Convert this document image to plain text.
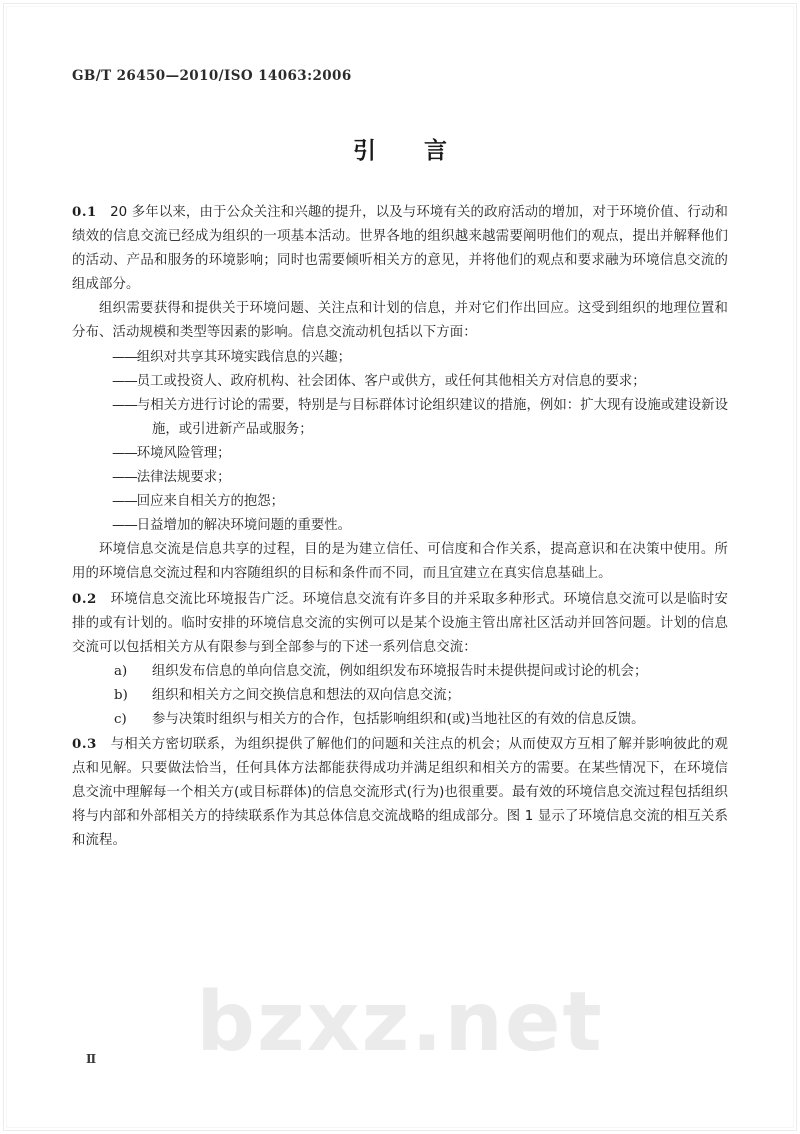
GB/T 26450—2010/ISO 14063:2006
引 言

0.1 20 多年以来，由于公众关注和兴趣的提升，以及与环境有关的政府活动的增加，对于环境价值、行动和绩效的信息交流已经成为组织的一项基本活动。世界各地的组织越来越需要阐明他们的观点，提出并解释他们的活动、产品和服务的环境影响；同时也需要倾听相关方的意见，并将他们的观点和要求融为环境信息交流的组成部分。

组织需要获得和提供关于环境问题、关注点和计划的信息，并对它们作出回应。这受到组织的地理位置和分布、活动规模和类型等因素的影响。信息交流动机包括以下方面：

——组织对共享其环境实践信息的兴趣；
——员工或投资人、政府机构、社会团体、客户或供方，或任何其他相关方对信息的要求；
——与相关方进行讨论的需要，特别是与目标群体讨论组织建议的措施，例如：扩大现有设施或建设新设施，或引进新产品或服务；
——环境风险管理；
——法律法规要求；
——回应来自相关方的抱怨；
——日益增加的解决环境问题的重要性。

环境信息交流是信息共享的过程，目的是为建立信任、可信度和合作关系，提高意识和在决策中使用。所用的环境信息交流过程和内容随组织的目标和条件而不同，而且宜建立在真实信息基础上。

0.2 环境信息交流比环境报告广泛。环境信息交流有许多目的并采取多种形式。环境信息交流可以是临时安排的或有计划的。临时安排的环境信息交流的实例可以是某个设施主管出席社区活动并回答问题。计划的信息交流可以包括相关方从有限参与到全部参与的下述一系列信息交流：

a) 组织发布信息的单向信息交流，例如组织发布环境报告时未提供提问或讨论的机会；
b) 组织和相关方之间交换信息和想法的双向信息交流；
c) 参与决策时组织与相关方的合作，包括影响组织和(或)当地社区的有效的信息反馈。

0.3 与相关方密切联系，为组织提供了解他们的问题和关注点的机会；从而使双方互相了解并影响彼此的观点和见解。只要做法恰当，任何具体方法都能获得成功并满足组织和相关方的需要。在某些情况下，在环境信息交流中理解每一个相关方(或目标群体)的信息交流形式(行为)也很重要。最有效的环境信息交流过程包括组织将与内部和外部相关方的持续联系作为其总体信息交流战略的组成部分。图 1 显示了环境信息交流的相互关系和流程。

bzxz.net
Ⅱ
